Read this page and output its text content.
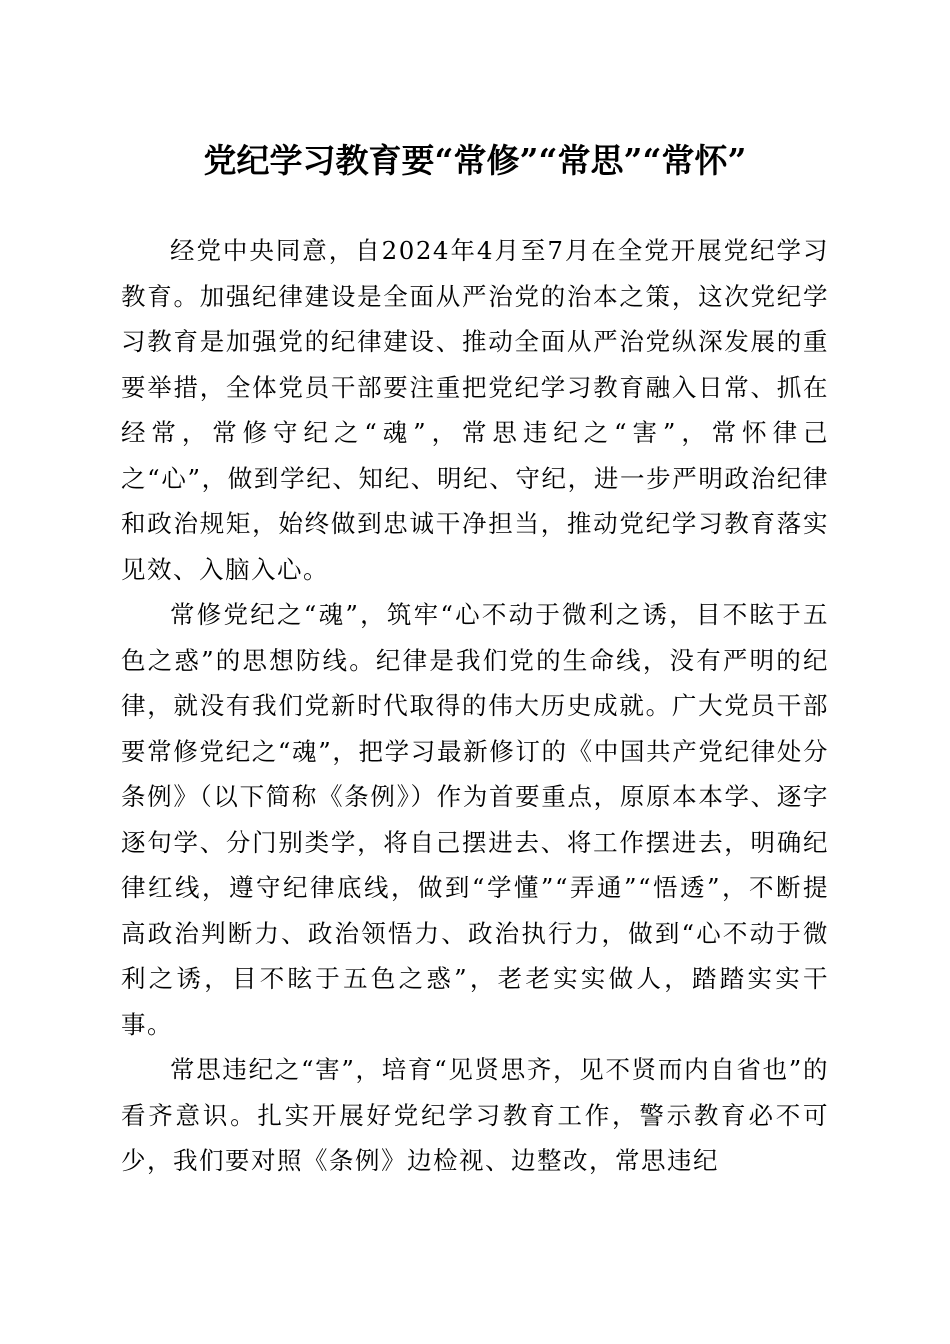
党纪学习教育要“常修”“常思”“常怀”

经党中央同意，自2024年4月至7月在全党开展党纪学习教育。加强纪律建设是全面从严治党的治本之策，这次党纪学习教育是加强党的纪律建设、推动全面从严治党纵深发展的重要举措，全体党员干部要注重把党纪学习教育融入日常、抓在经常，常修守纪之“魂”，常思违纪之“害”，常怀律己之“心”，做到学纪、知纪、明纪、守纪，进一步严明政治纪律和政治规矩，始终做到忠诚干净担当，推动党纪学习教育落实见效、入脑入心。

常修党纪之“魂”，筑牢“心不动于微利之诱，目不眩于五色之惑”的思想防线。纪律是我们党的生命线，没有严明的纪律，就没有我们党新时代取得的伟大历史成就。广大党员干部要常修党纪之“魂”，把学习最新修订的《中国共产党纪律处分条例》（以下简称《条例》）作为首要重点，原原本本学、逐字逐句学、分门别类学，将自己摆进去、将工作摆进去，明确纪律红线，遵守纪律底线，做到“学懂”“弄通”“悟透”，不断提高政治判断力、政治领悟力、政治执行力，做到“心不动于微利之诱，目不眩于五色之惑”，老老实实做人，踏踏实实干事。

常思违纪之“害”，培育“见贤思齐，见不贤而内自省也”的看齐意识。扎实开展好党纪学习教育工作，警示教育必不可少，我们要对照《条例》边检视、边整改，常思违纪
